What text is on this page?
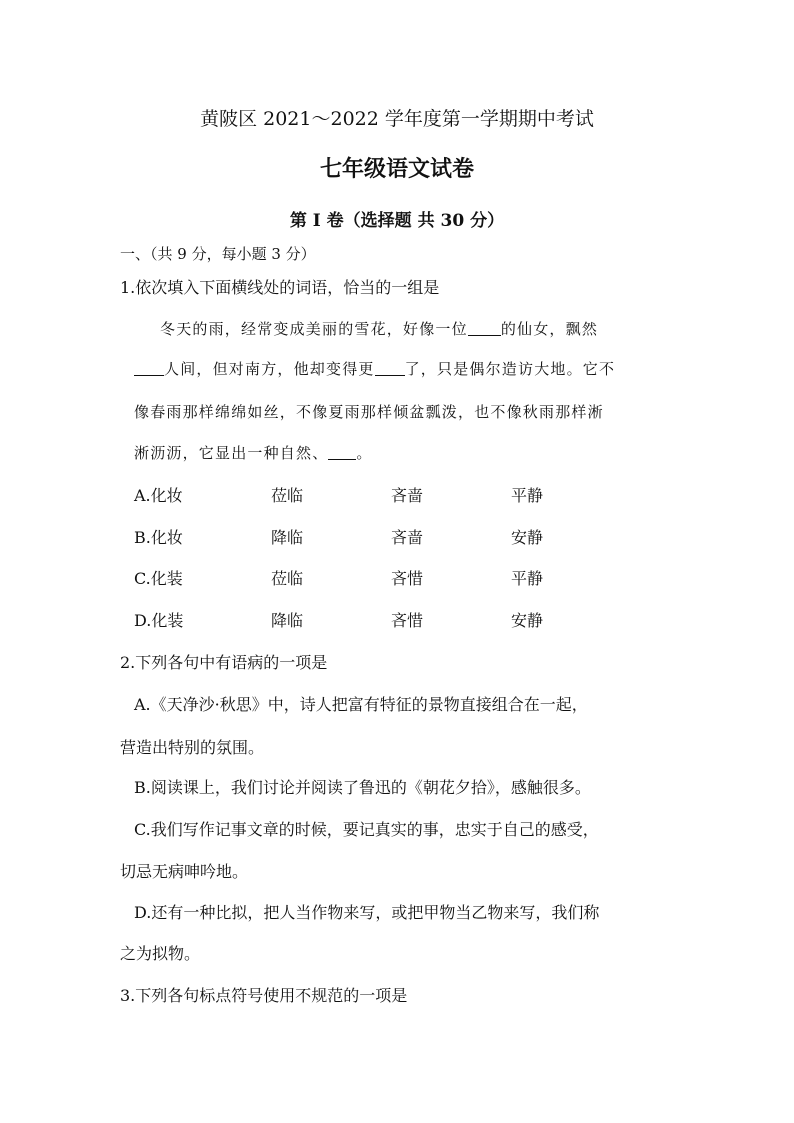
黄陂区 2021～2022 学年度第一学期期中考试
七年级语文试卷
第 I 卷（选择题 共 30 分）
一、（共 9 分，每小题 3 分）
1.依次填入下面横线处的词语，恰当的一组是
冬天的雨，经常变成美丽的雪花，好像一位 的仙女，飘然
人间，但对南方，他却变得更 了，只是偶尔造访大地。它不
像春雨那样绵绵如丝，不像夏雨那样倾盆瓢泼，也不像秋雨那样淅
淅沥沥，它显出一种自然、 。
A.化妆	莅临	吝啬	平静
B.化妆	降临	吝啬	安静
C.化装	莅临	吝惜	平静
D.化装	降临	吝惜	安静
2.下列各句中有语病的一项是
A.《天净沙·秋思》中，诗人把富有特征的景物直接组合在一起，
营造出特别的氛围。
B.阅读课上，我们讨论并阅读了鲁迅的《朝花夕拾》，感触很多。
C.我们写作记事文章的时候，要记真实的事，忠实于自己的感受，
切忌无病呻吟地。
D.还有一种比拟，把人当作物来写，或把甲物当乙物来写，我们称
之为拟物。
3.下列各句标点符号使用不规范的一项是
